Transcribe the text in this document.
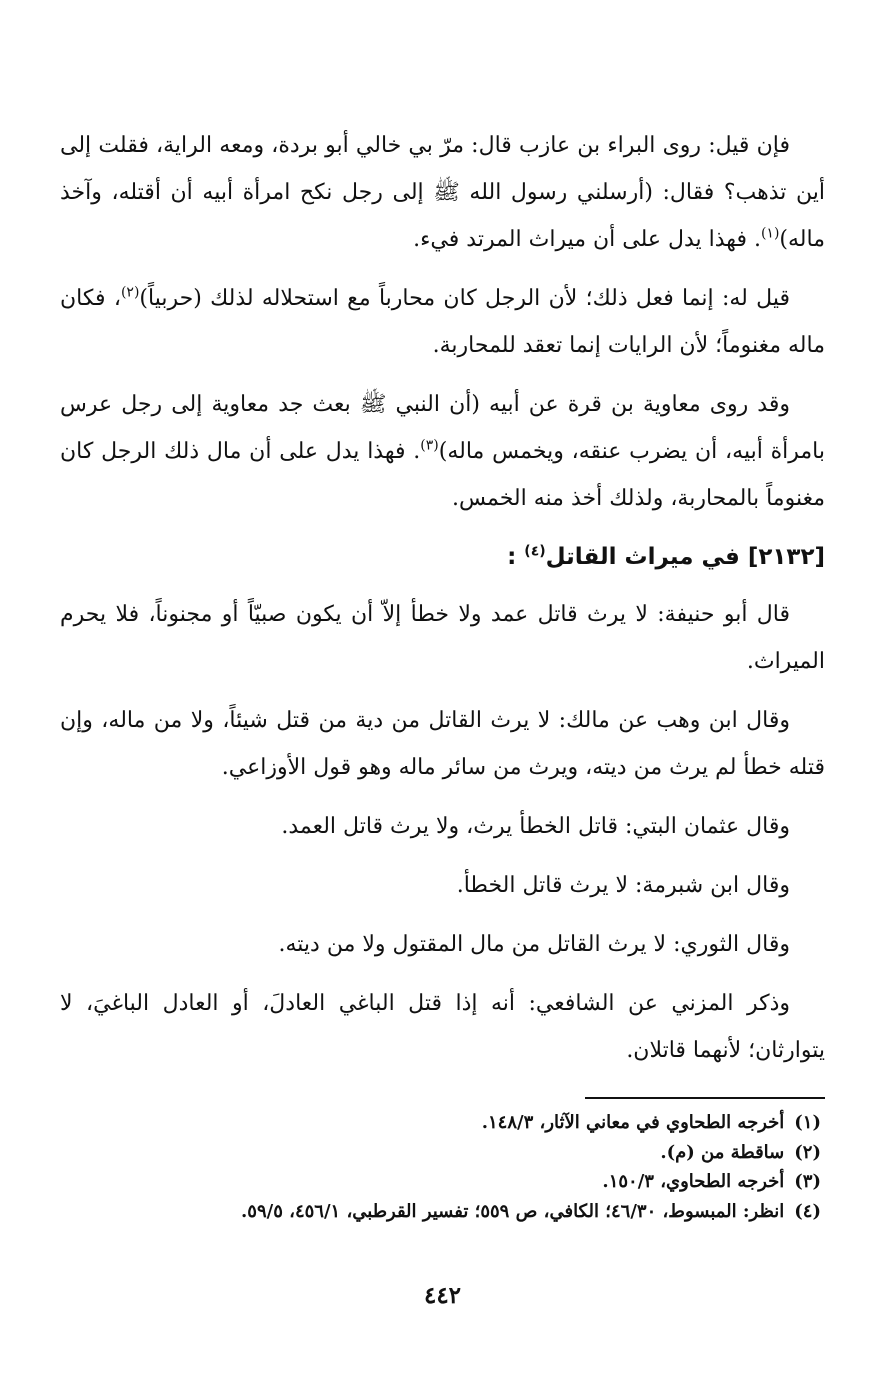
فإن قيل: روى البراء بن عازب قال: مرّ بي خالي أبو بردة، ومعه الراية، فقلت إلى أين تذهب؟ فقال: (أرسلني رسول الله ﷺ إلى رجل نكح امرأة أبيه أن أقتله، وآخذ ماله)$^{(١)}$. فهذا يدل على أن ميراث المرتد فيء.

قيل له: إنما فعل ذلك؛ لأن الرجل كان محارباً مع استحلاله لذلك (حربياً)$^{(٢)}$، فكان ماله مغنوماً؛ لأن الرايات إنما تعقد للمحاربة.

وقد روى معاوية بن قرة عن أبيه (أن النبي ﷺ بعث جد معاوية إلى رجل عرس بامرأة أبيه، أن يضرب عنقه، ويخمس ماله)$^{(٣)}$. فهذا يدل على أن مال ذلك الرجل كان مغنوماً بالمحاربة، ولذلك أخذ منه الخمس.

[٢١٣٢] في ميراث القاتل$^{(٤)}$ :

قال أبو حنيفة: لا يرث قاتل عمد ولا خطأ إلاّ أن يكون صبيّاً أو مجنوناً، فلا يحرم الميراث.

وقال ابن وهب عن مالك: لا يرث القاتل من دية من قتل شيئاً، ولا من ماله، وإن قتله خطأ لم يرث من ديته، ويرث من سائر ماله وهو قول الأوزاعي.

وقال عثمان البتي: قاتل الخطأ يرث، ولا يرث قاتل العمد.

وقال ابن شبرمة: لا يرث قاتل الخطأ.

وقال الثوري: لا يرث القاتل من مال المقتول ولا من ديته.

وذكر المزني عن الشافعي: أنه إذا قتل الباغي العادلَ، أو العادل الباغيَ، لا يتوارثان؛ لأنهما قاتلان.

(١)أخرجه الطحاوي في معاني الآثار، ١٤٨/٣.

(٢)ساقطة من (م).

(٣)أخرجه الطحاوي، ١٥٠/٣.

(٤)انظر: المبسوط، ٤٦/٣٠؛ الكافي، ص ٥٥٩؛ تفسير القرطبي، ٤٥٦/١، ٥٩/٥.

٤٤٢
